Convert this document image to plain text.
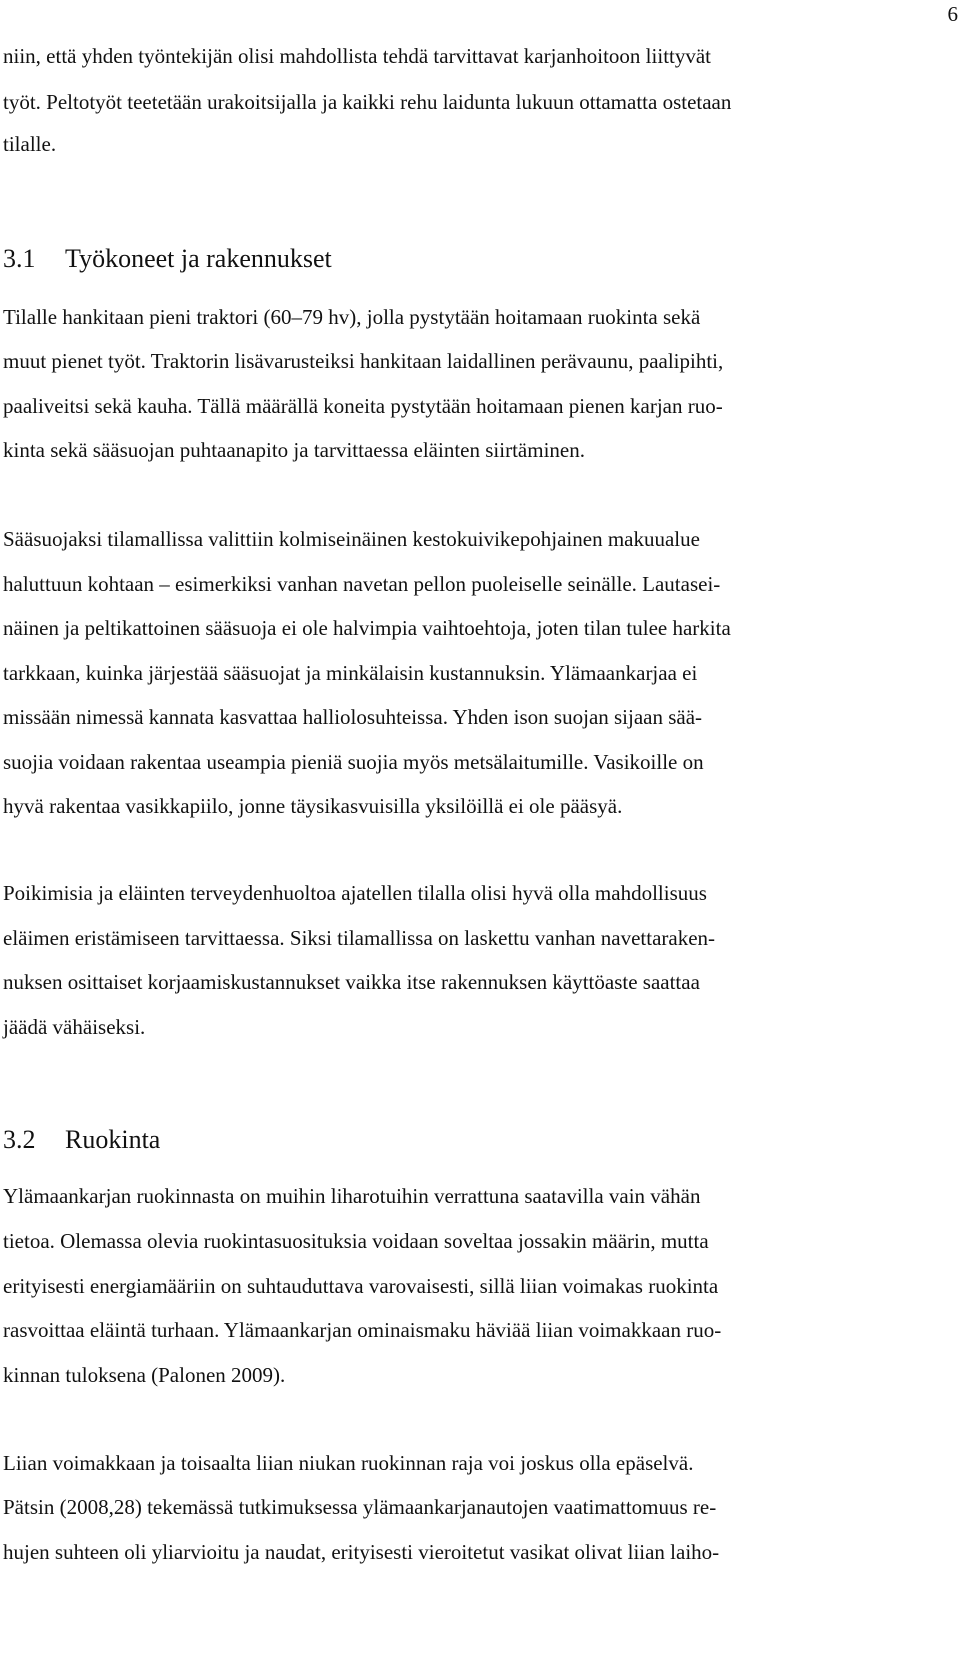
6
niin, että yhden työntekijän olisi mahdollista tehdä tarvittavat karjanhoitoon liittyvät
työt. Peltotyöt teetetään urakoitsijalla ja kaikki rehu laidunta lukuun ottamatta ostetaan
tilalle.
3.1 Työkoneet ja rakennukset
Tilalle hankitaan pieni traktori (60–79 hv), jolla pystytään hoitamaan ruokinta sekä
muut pienet työt. Traktorin lisävarusteiksi hankitaan laidallinen perävaunu, paalipihti,
paaliveitsi sekä kauha. Tällä määrällä koneita pystytään hoitamaan pienen karjan ruo-
kinta sekä sääsuojan puhtaanapito ja tarvittaessa eläinten siirtäminen.
Sääsuojaksi tilamallissa valittiin kolmiseinäinen kestokuivikepohjainen makuualue
haluttuun kohtaan – esimerkiksi vanhan navetan pellon puoleiselle seinälle. Lautasei-
näinen ja peltikattoinen sääsuoja ei ole halvimpia vaihtoehtoja, joten tilan tulee harkita
tarkkaan, kuinka järjestää sääsuojat ja minkälaisin kustannuksin. Ylämaankarjaa ei
missään nimessä kannata kasvattaa halliolosuhteissa. Yhden ison suojan sijaan sää-
suojia voidaan rakentaa useampia pieniä suojia myös metsälaitumille. Vasikoille on
hyvä rakentaa vasikkapiilo, jonne täysikasvuisilla yksilöillä ei ole pääsyä.
Poikimisia ja eläinten terveydenhuoltoa ajatellen tilalla olisi hyvä olla mahdollisuus
eläimen eristämiseen tarvittaessa. Siksi tilamallissa on laskettu vanhan navettaraken-
nuksen osittaiset korjaamiskustannukset vaikka itse rakennuksen käyttöaste saattaa
jäädä vähäiseksi.
3.2 Ruokinta
Ylämaankarjan ruokinnasta on muihin liharotuihin verrattuna saatavilla vain vähän
tietoa. Olemassa olevia ruokintasuosituksia voidaan soveltaa jossakin määrin, mutta
erityisesti energiamääriin on suhtauduttava varovaisesti, sillä liian voimakas ruokinta
rasvoittaa eläintä turhaan. Ylämaankarjan ominaismaku häviää liian voimakkaan ruo-
kinnan tuloksena (Palonen 2009).
Liian voimakkaan ja toisaalta liian niukan ruokinnan raja voi joskus olla epäselvä.
Pätsin (2008,28) tekemässä tutkimuksessa ylämaankarjanautojen vaatimattomuus re-
hujen suhteen oli yliarvioitu ja naudat, erityisesti vieroitetut vasikat olivat liian laiho-
